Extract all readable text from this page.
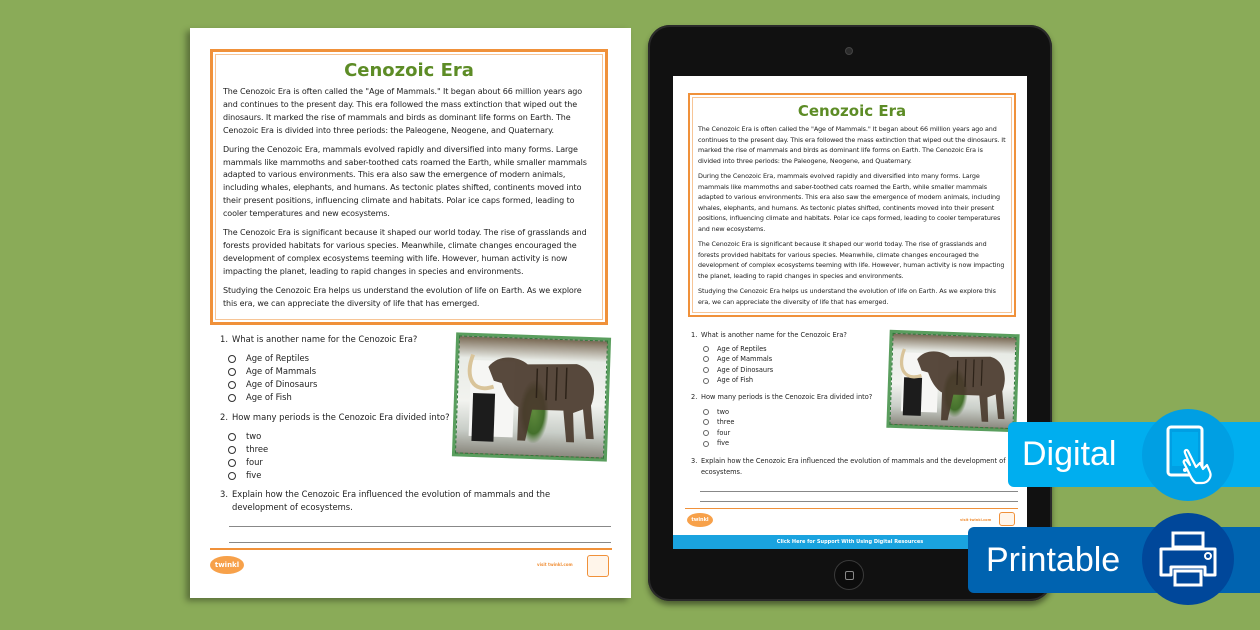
Cenozoic Era

The Cenozoic Era is often called the "Age of Mammals." It began about 66 million years ago and continues to the present day. This era followed the mass extinction that wiped out the dinosaurs. It marked the rise of mammals and birds as dominant life forms on Earth. The Cenozoic Era is divided into three periods: the Paleogene, Neogene, and Quaternary.

During the Cenozoic Era, mammals evolved rapidly and diversified into many forms. Large mammals like mammoths and saber-toothed cats roamed the Earth, while smaller mammals adapted to various environments. This era also saw the emergence of modern animals, including whales, elephants, and humans. As tectonic plates shifted, continents moved into their present positions, influencing climate and habitats. Polar ice caps formed, leading to cooler temperatures and new ecosystems.

The Cenozoic Era is significant because it shaped our world today. The rise of grasslands and forests provided habitats for various species. Meanwhile, climate changes encouraged the development of complex ecosystems teeming with life. However, human activity is now impacting the planet, leading to rapid changes in species and environments.

Studying the Cenozoic Era helps us understand the evolution of life on Earth. As we explore this era, we can appreciate the diversity of life that has emerged.

1. What is another name for the Cenozoic Era?
Age of Reptiles
Age of Mammals
Age of Dinosaurs
Age of Fish
2. How many periods is the Cenozoic Era divided into?
two
three
four
five
3. Explain how the Cenozoic Era influenced the evolution of mammals and the development of ecosystems.
twinkl	visit twinkl.com
Cenozoic Era

The Cenozoic Era is often called the "Age of Mammals." It began about 66 million years ago and continues to the present day. This era followed the mass extinction that wiped out the dinosaurs. It marked the rise of mammals and birds as dominant life forms on Earth. The Cenozoic Era is divided into three periods: the Paleogene, Neogene, and Quaternary.

During the Cenozoic Era, mammals evolved rapidly and diversified into many forms. Large mammals like mammoths and saber-toothed cats roamed the Earth, while smaller mammals adapted to various environments. This era also saw the emergence of modern animals, including whales, elephants, and humans. As tectonic plates shifted, continents moved into their present positions, influencing climate and habitats. Polar ice caps formed, leading to cooler temperatures and new ecosystems.

The Cenozoic Era is significant because it shaped our world today. The rise of grasslands and forests provided habitats for various species. Meanwhile, climate changes encouraged the development of complex ecosystems teeming with life. However, human activity is now impacting the planet, leading to rapid changes in species and environments.

Studying the Cenozoic Era helps us understand the evolution of life on Earth. As we explore this era, we can appreciate the diversity of life that has emerged.

1. What is another name for the Cenozoic Era?
Age of Reptiles
Age of Mammals
Age of Dinosaurs
Age of Fish
2. How many periods is the Cenozoic Era divided into?
two
three
four
five
3. Explain how the Cenozoic Era influenced the evolution of mammals and the development of ecosystems.
twinkl	visit twinkl.com
Click Here for Support With Using Digital Resources
Digital
Printable
